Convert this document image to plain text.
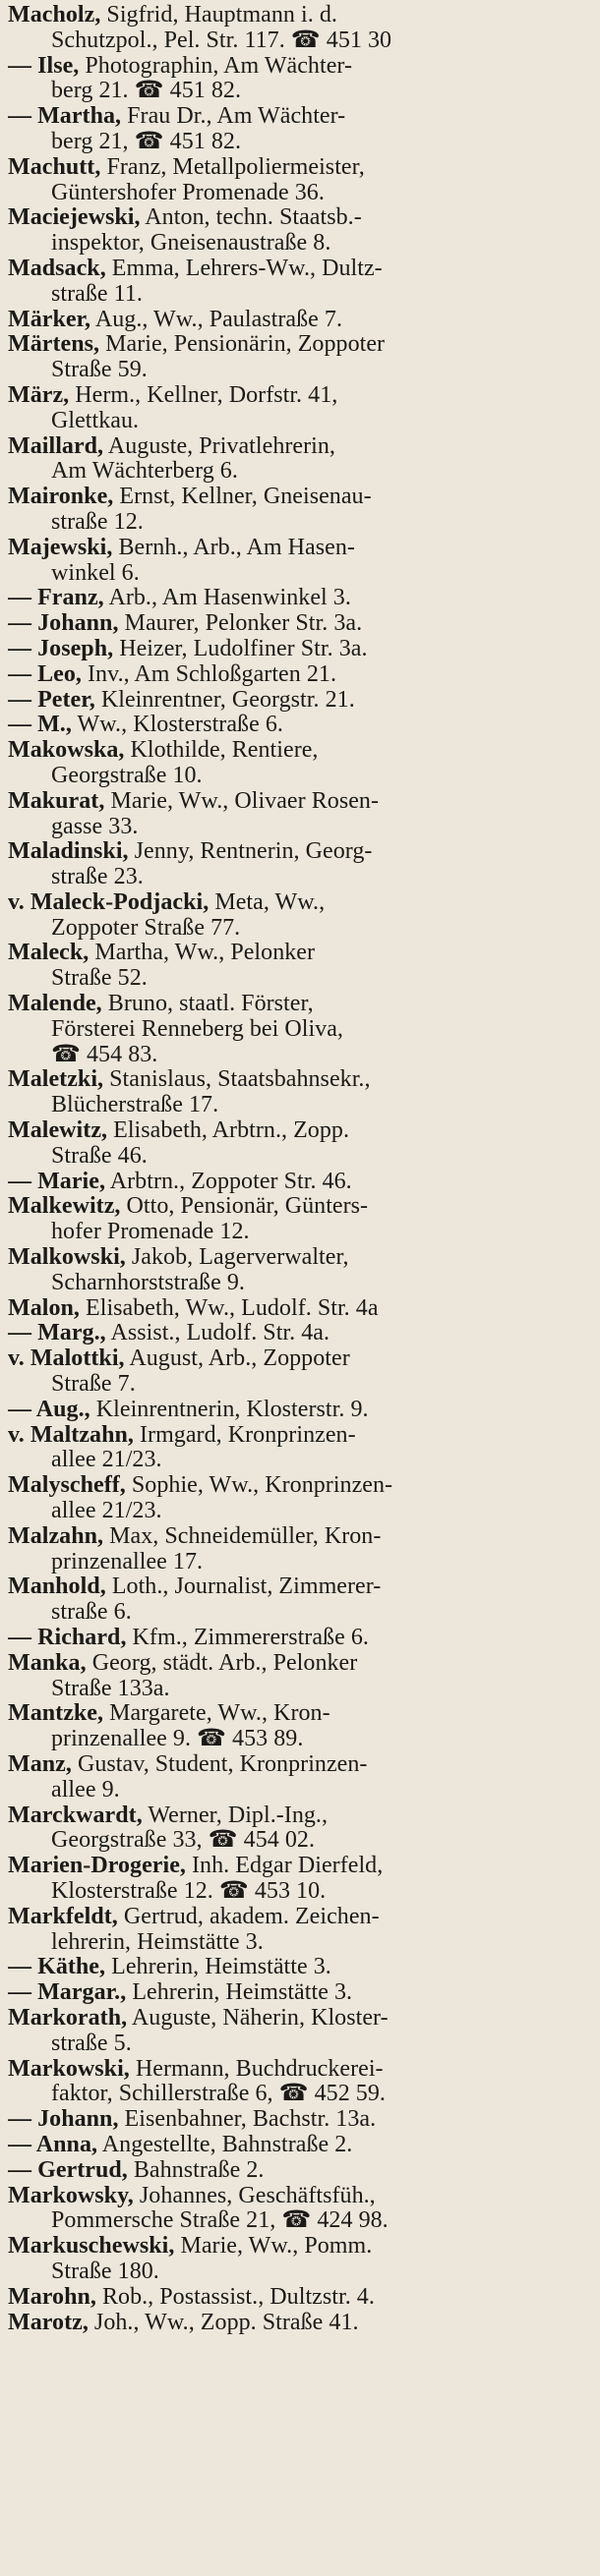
Macholz, Sigfrid, Hauptmann i. d.
Schutzpol., Pel. Str. 117. ☎ 451 30
— Ilse, Photographin, Am Wächter-
berg 21. ☎ 451 82.
— Martha, Frau Dr., Am Wächter-
berg 21, ☎ 451 82.
Machutt, Franz, Metallpoliermeister,
Güntershofer Promenade 36.
Maciejewski, Anton, techn. Staatsb.-
inspektor, Gneisenaustraße 8.
Madsack, Emma, Lehrers-Ww., Dultz-
straße 11.
Märker, Aug., Ww., Paulastraße 7.
Märtens, Marie, Pensionärin, Zoppoter
Straße 59.
März, Herm., Kellner, Dorfstr. 41,
Glettkau.
Maillard, Auguste, Privatlehrerin,
Am Wächterberg 6.
Maironke, Ernst, Kellner, Gneisenau-
straße 12.
Majewski, Bernh., Arb., Am Hasen-
winkel 6.
— Franz, Arb., Am Hasenwinkel 3.
— Johann, Maurer, Pelonker Str. 3a.
— Joseph, Heizer, Ludolfiner Str. 3a.
— Leo, Inv., Am Schloßgarten 21.
— Peter, Kleinrentner, Georgstr. 21.
— M., Ww., Klosterstraße 6.
Makowska, Klothilde, Rentiere,
Georgstraße 10.
Makurat, Marie, Ww., Olivaer Rosen-
gasse 33.
Maladinski, Jenny, Rentnerin, Georg-
straße 23.
v. Maleck-Podjacki, Meta, Ww.,
Zoppoter Straße 77.
Maleck, Martha, Ww., Pelonker
Straße 52.
Malende, Bruno, staatl. Förster,
Försterei Renneberg bei Oliva,
☎ 454 83.
Maletzki, Stanislaus, Staatsbahnsekr.,
Blücherstraße 17.
Malewitz, Elisabeth, Arbtrn., Zopp.
Straße 46.
— Marie, Arbtrn., Zoppoter Str. 46.
Malkewitz, Otto, Pensionär, Günters-
hofer Promenade 12.
Malkowski, Jakob, Lagerverwalter,
Scharnhorststraße 9.
Malon, Elisabeth, Ww., Ludolf. Str. 4a
— Marg., Assist., Ludolf. Str. 4a.
v. Malottki, August, Arb., Zoppoter
Straße 7.
— Aug., Kleinrentnerin, Klosterstr. 9.
v. Maltzahn, Irmgard, Kronprinzen-
allee 21/23.
Malyscheff, Sophie, Ww., Kronprinzen-
allee 21/23.
Malzahn, Max, Schneidemüller, Kron-
prinzenallee 17.
Manhold, Loth., Journalist, Zimmerer-
straße 6.
— Richard, Kfm., Zimmererstraße 6.
Manka, Georg, städt. Arb., Pelonker
Straße 133a.
Mantzke, Margarete, Ww., Kron-
prinzenallee 9. ☎ 453 89.
Manz, Gustav, Student, Kronprinzen-
allee 9.
Marckwardt, Werner, Dipl.-Ing.,
Georgstraße 33, ☎ 454 02.
Marien-Drogerie, Inh. Edgar Dierfeld,
Klosterstraße 12. ☎ 453 10.
Markfeldt, Gertrud, akadem. Zeichen-
lehrerin, Heimstätte 3.
— Käthe, Lehrerin, Heimstätte 3.
— Margar., Lehrerin, Heimstätte 3.
Markorath, Auguste, Näherin, Kloster-
straße 5.
Markowski, Hermann, Buchdruckerei-
faktor, Schillerstraße 6, ☎ 452 59.
— Johann, Eisenbahner, Bachstr. 13a.
— Anna, Angestellte, Bahnstraße 2.
— Gertrud, Bahnstraße 2.
Markowsky, Johannes, Geschäftsfüh.,
Pommersche Straße 21, ☎ 424 98.
Markuschewski, Marie, Ww., Pomm.
Straße 180.
Marohn, Rob., Postassist., Dultzstr. 4.
Marotz, Joh., Ww., Zopp. Straße 41.
